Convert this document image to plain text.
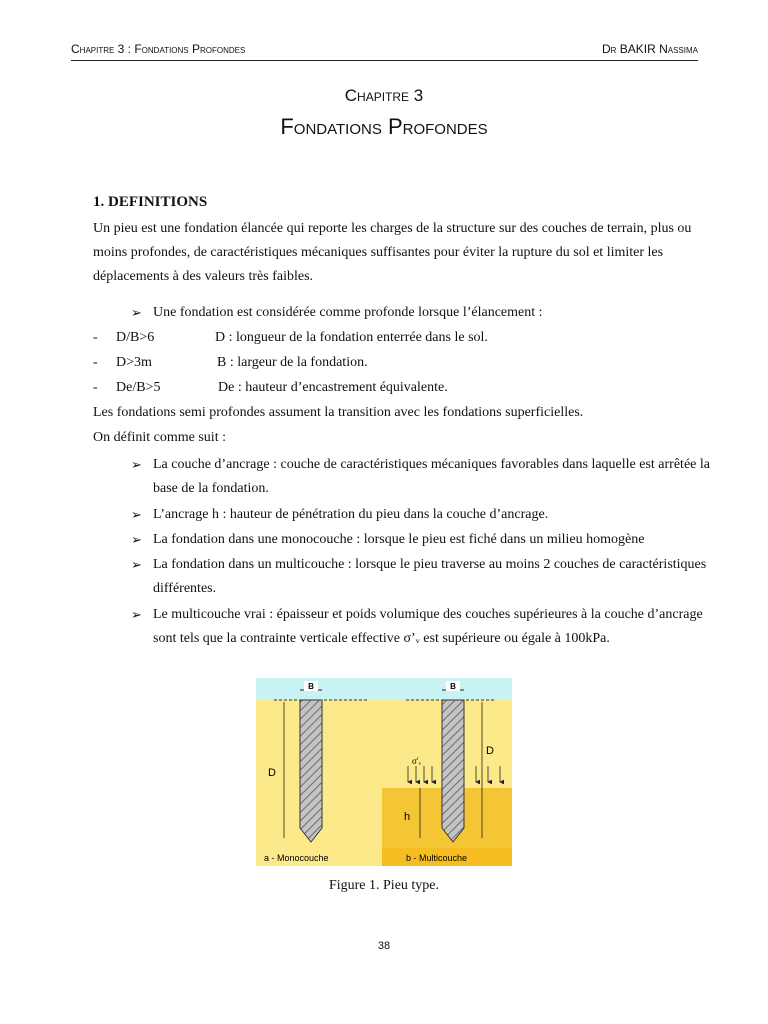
Chapitre 3 : Fondations Profondes	Dr BAKIR Nassima
Chapitre 3
Fondations Profondes
1. DEFINITIONS
Un pieu est une fondation élancée qui reporte les charges de la structure sur des couches de terrain, plus ou moins profondes, de caractéristiques mécaniques suffisantes pour éviter la rupture du sol et limiter les déplacements à des valeurs très faibles.
➢ Une fondation est considérée comme profonde lorsque l’élancement :
- D/B>6	D : longueur de la fondation enterrée dans le sol.
- D>3m	B : largeur de la fondation.
- De/B>5	De : hauteur d’encastrement équivalente.
Les fondations semi profondes assument la transition avec les fondations superficielles.
On définit comme suit :
➢ La couche d’ancrage : couche de caractéristiques mécaniques favorables dans laquelle est arrêtée la base de la fondation.
➢ L’ancrage h : hauteur de pénétration du pieu dans la couche d’ancrage.
➢ La fondation dans une monocouche : lorsque le pieu est fiché dans un milieu homogène
➢ La fondation dans un multicouche : lorsque le pieu traverse au moins 2 couches de caractéristiques différentes.
➢ Le multicouche vrai : épaisseur et poids volumique des couches supérieures à la couche d’ancrage sont tels que la contrainte verticale effective σ’ᵥ est supérieure ou égale à 100kPa.
B	B
D
D
h
σ'ᵥ
a - Monocouche	b - Multicouche
Figure 1. Pieu type.
38
